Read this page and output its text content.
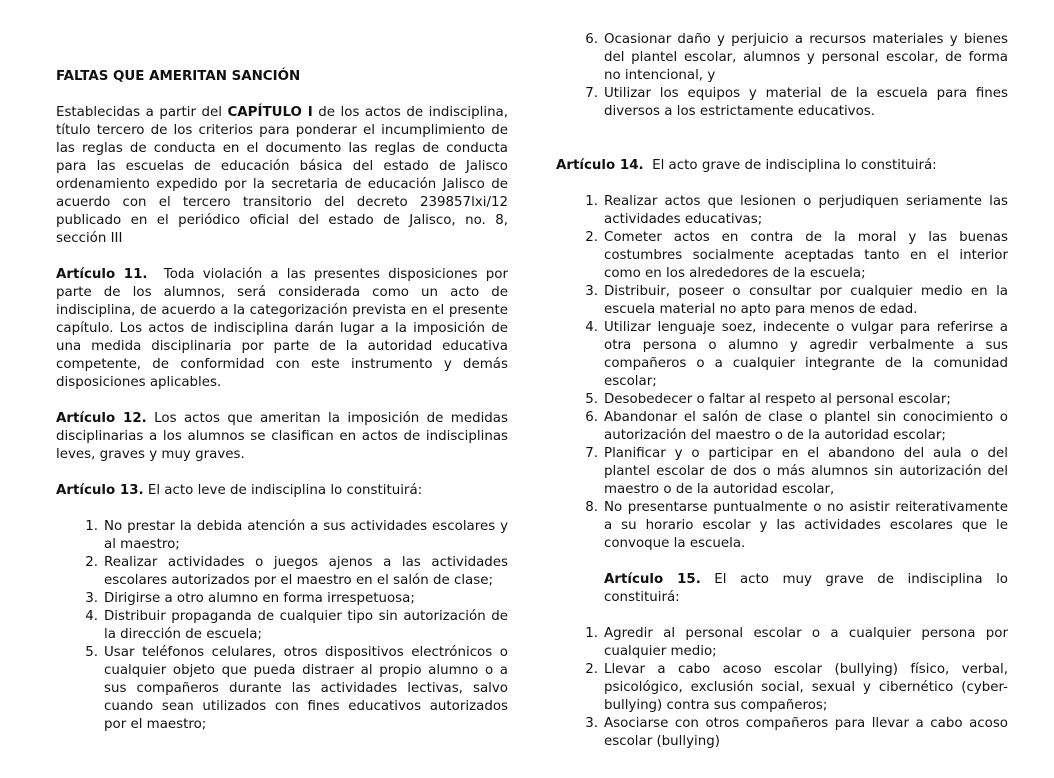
FALTAS QUE AMERITAN SANCIÓN

Establecidas a partir del CAPÍTULO I de los actos de indisciplina, título tercero de los criterios para ponderar el incumplimiento de las reglas de conducta en el documento las reglas de conducta para las escuelas de educación básica del estado de Jalisco ordenamiento expedido por la secretaria de educación Jalisco de acuerdo con el tercero transitorio del decreto 239857lxi/12 publicado en el periódico oficial del estado de Jalisco, no. 8, sección III

Artículo 11.  Toda violación a las presentes disposiciones por parte de los alumnos, será considerada como un acto de indisciplina, de acuerdo a la categorización prevista en el presente capítulo. Los actos de indisciplina darán lugar a la imposición de una medida disciplinaria por parte de la autoridad educativa competente, de conformidad con este instrumento y demás disposiciones aplicables.

Artículo 12. Los actos que ameritan la imposición de medidas disciplinarias a los alumnos se clasifican en actos de indisciplinas leves, graves y muy graves.

Artículo 13. El acto leve de indisciplina lo constituirá:

1. No prestar la debida atención a sus actividades escolares y al maestro;
2. Realizar actividades o juegos ajenos a las actividades escolares autorizados por el maestro en el salón de clase;
3. Dirigirse a otro alumno en forma irrespetuosa;
4. Distribuir propaganda de cualquier tipo sin autorización de la dirección de escuela;
5. Usar teléfonos celulares, otros dispositivos electrónicos o cualquier objeto que pueda distraer al propio alumno o a sus compañeros durante las actividades lectivas, salvo cuando sean utilizados con fines educativos autorizados por el maestro;
6. Ocasionar daño y perjuicio a recursos materiales y bienes del plantel escolar, alumnos y personal escolar, de forma no intencional, y
7. Utilizar los equipos y material de la escuela para fines diversos a los estrictamente educativos.

Artículo 14.  El acto grave de indisciplina lo constituirá:

1. Realizar actos que lesionen o perjudiquen seriamente las actividades educativas;
2. Cometer actos en contra de la moral y las buenas costumbres socialmente aceptadas tanto en el interior como en los alrededores de la escuela;
3. Distribuir, poseer o consultar por cualquier medio en la escuela material no apto para menos de edad.
4. Utilizar lenguaje soez, indecente o vulgar para referirse a otra persona o alumno y agredir verbalmente a sus compañeros o a cualquier integrante de la comunidad escolar;
5. Desobedecer o faltar al respeto al personal escolar;
6. Abandonar el salón de clase o plantel sin conocimiento o autorización del maestro o de la autoridad escolar;
7. Planificar y o participar en el abandono del aula o del plantel escolar de dos o más alumnos sin autorización del maestro o de la autoridad escolar,
8. No presentarse puntualmente o no asistir reiterativamente a su horario escolar y las actividades escolares que le convoque la escuela.

Artículo 15. El acto muy grave de indisciplina lo constituirá:

1. Agredir al personal escolar o a cualquier persona por cualquier medio;
2. Llevar a cabo acoso escolar (bullying) físico, verbal, psicológico, exclusión social, sexual y cibernético (cyber-bullying) contra sus compañeros;
3. Asociarse con otros compañeros para llevar a cabo acoso escolar (bullying)
